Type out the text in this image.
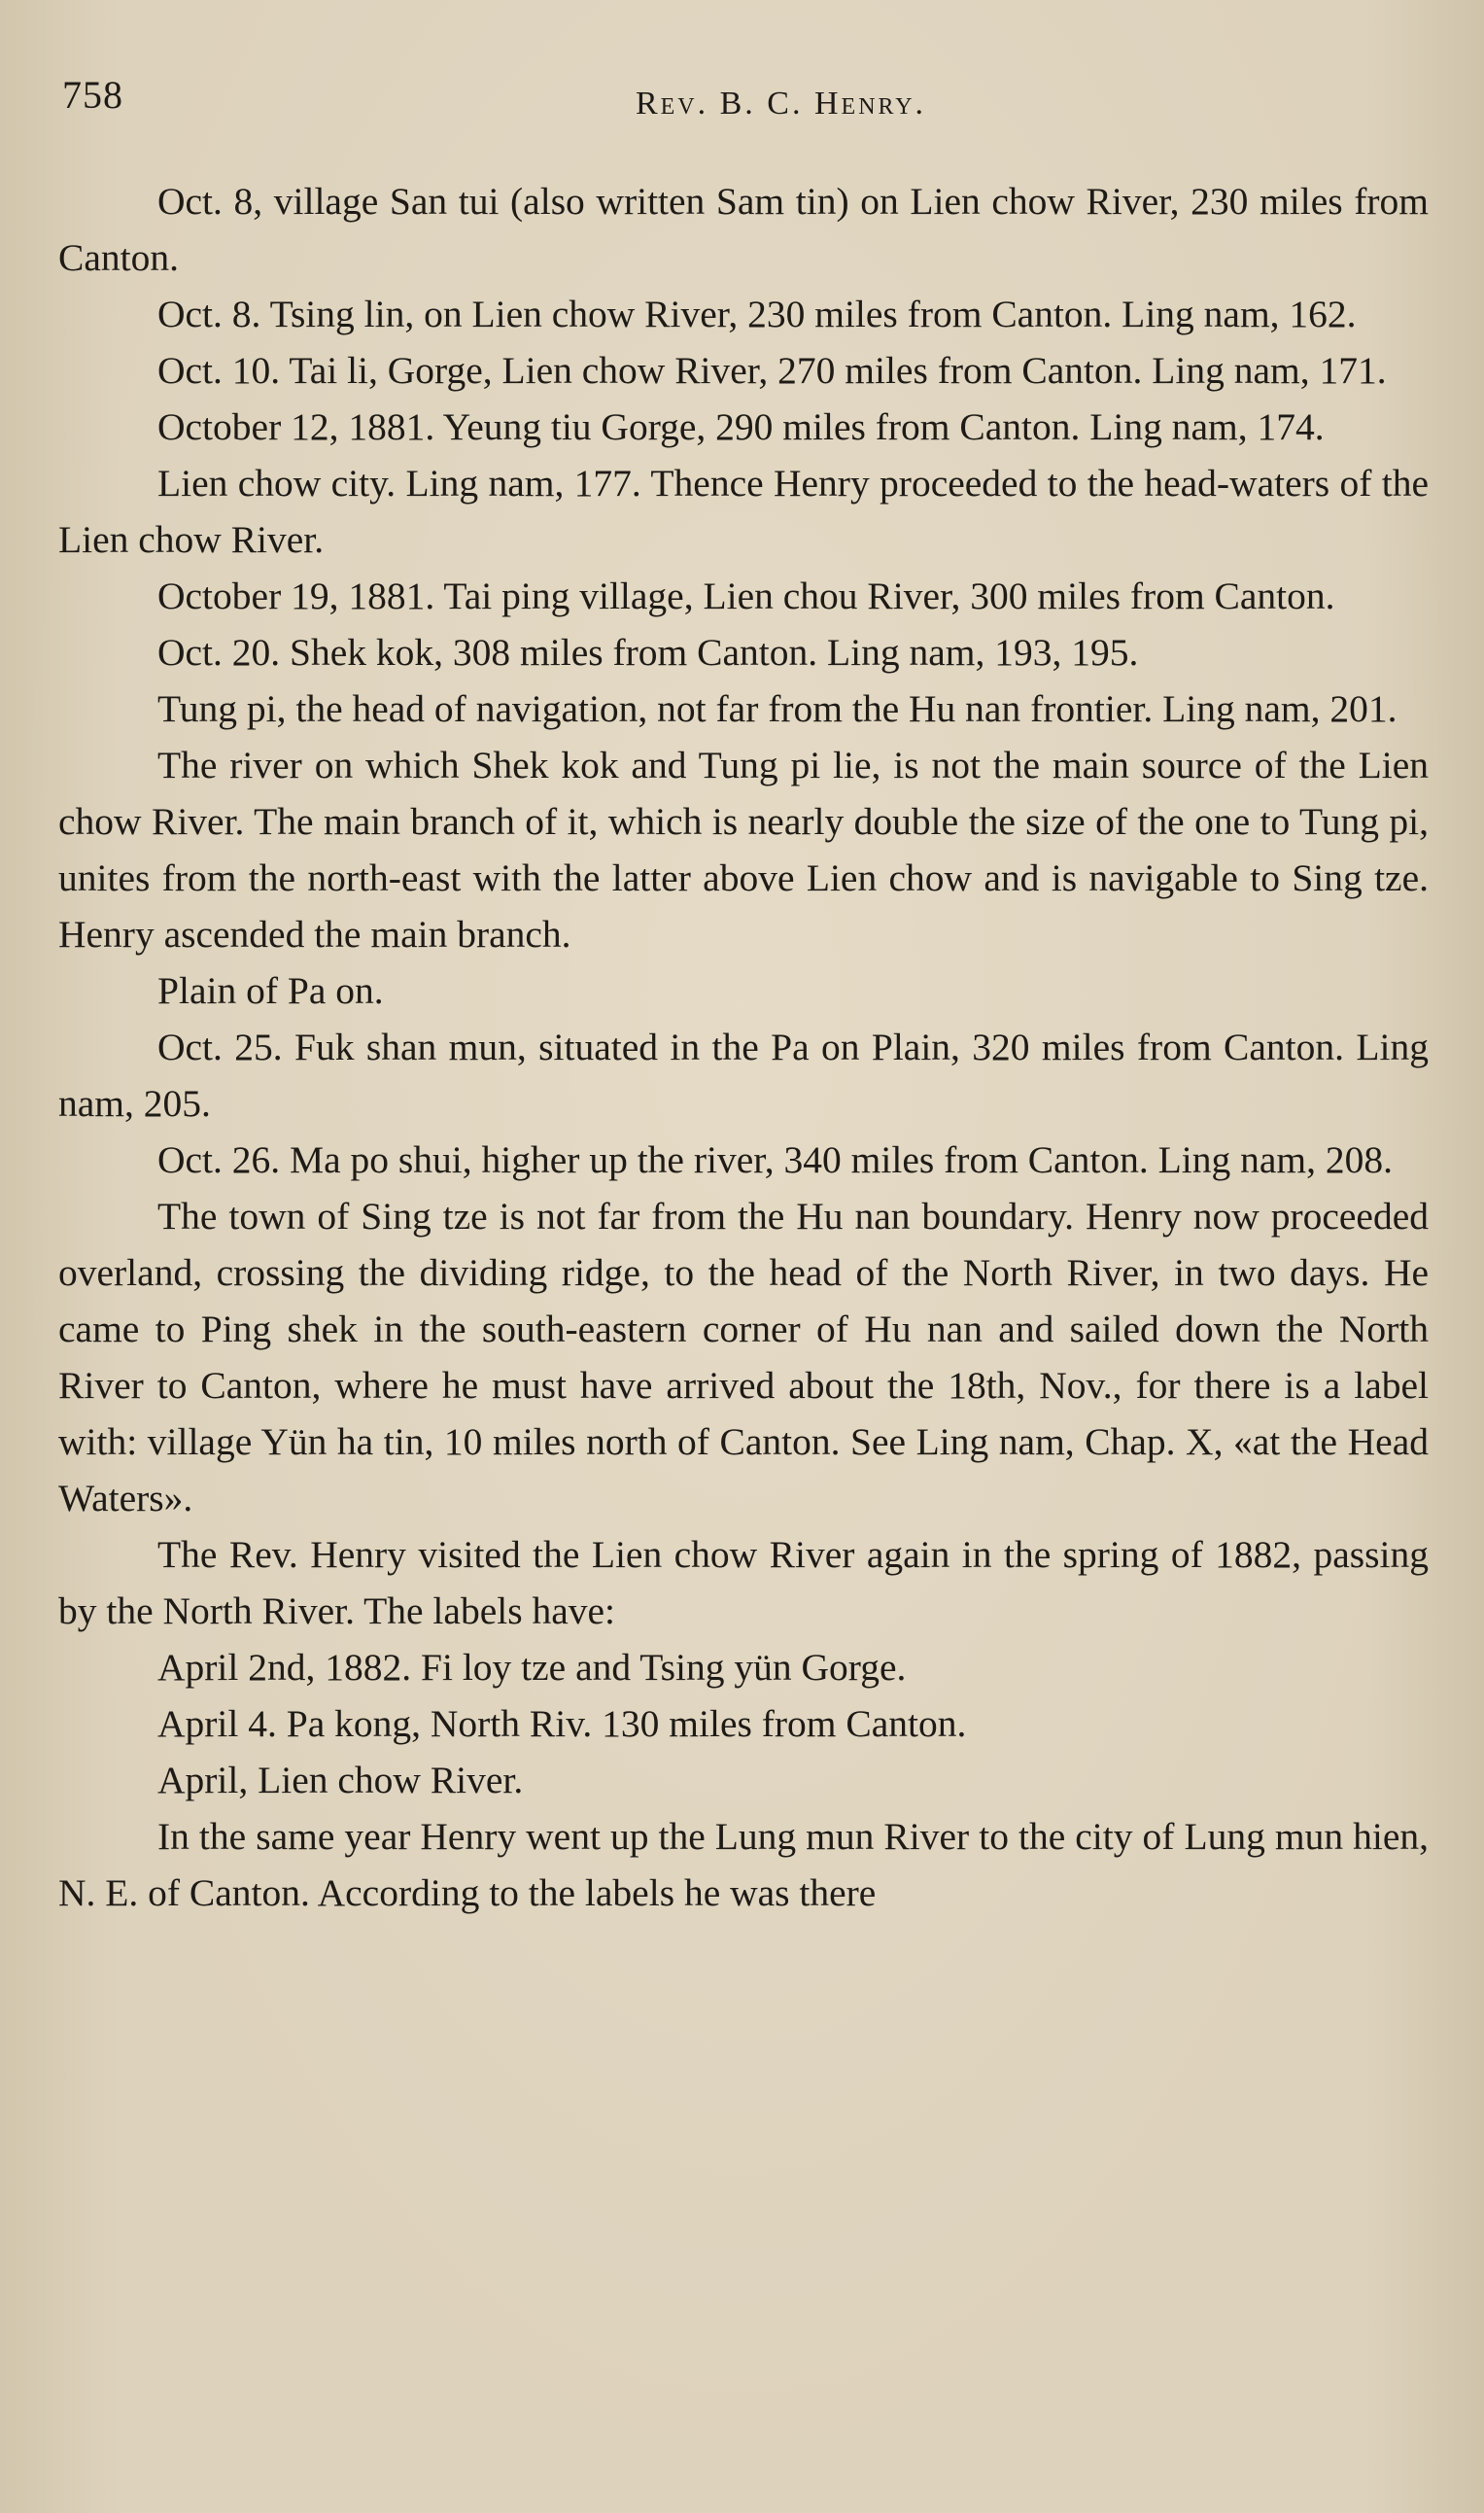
758	Rev. B. C. Henry.

Oct. 8, village San tui (also written Sam tin) on Lien chow River, 230 miles from Canton.

Oct. 8. Tsing lin, on Lien chow River, 230 miles from Canton. Ling nam, 162.

Oct. 10. Tai li, Gorge, Lien chow River, 270 miles from Canton. Ling nam, 171.

October 12, 1881. Yeung tiu Gorge, 290 miles from Canton. Ling nam, 174.

Lien chow city. Ling nam, 177. Thence Henry proceeded to the head-waters of the Lien chow River.

October 19, 1881. Tai ping village, Lien chou River, 300 miles from Canton.

Oct. 20. Shek kok, 308 miles from Canton. Ling nam, 193, 195.

Tung pi, the head of navigation, not far from the Hu nan frontier. Ling nam, 201.

The river on which Shek kok and Tung pi lie, is not the main source of the Lien chow River. The main branch of it, which is nearly double the size of the one to Tung pi, unites from the north-east with the latter above Lien chow and is navigable to Sing tze. Henry ascended the main branch.

Plain of Pa on.

Oct. 25. Fuk shan mun, situated in the Pa on Plain, 320 miles from Canton. Ling nam, 205.

Oct. 26. Ma po shui, higher up the river, 340 miles from Canton. Ling nam, 208.

The town of Sing tze is not far from the Hu nan boundary. Henry now proceeded overland, crossing the dividing ridge, to the head of the North River, in two days. He came to Ping shek in the south-eastern corner of Hu nan and sailed down the North River to Canton, where he must have arrived about the 18th, Nov., for there is a label with: village Yün ha tin, 10 miles north of Canton. See Ling nam, Chap. X, «at the Head Waters».

The Rev. Henry visited the Lien chow River again in the spring of 1882, passing by the North River. The labels have:

April 2nd, 1882. Fi loy tze and Tsing yün Gorge.

April 4. Pa kong, North Riv. 130 miles from Canton.

April, Lien chow River.

In the same year Henry went up the Lung mun River to the city of Lung mun hien, N. E. of Canton. According to the labels he was there
